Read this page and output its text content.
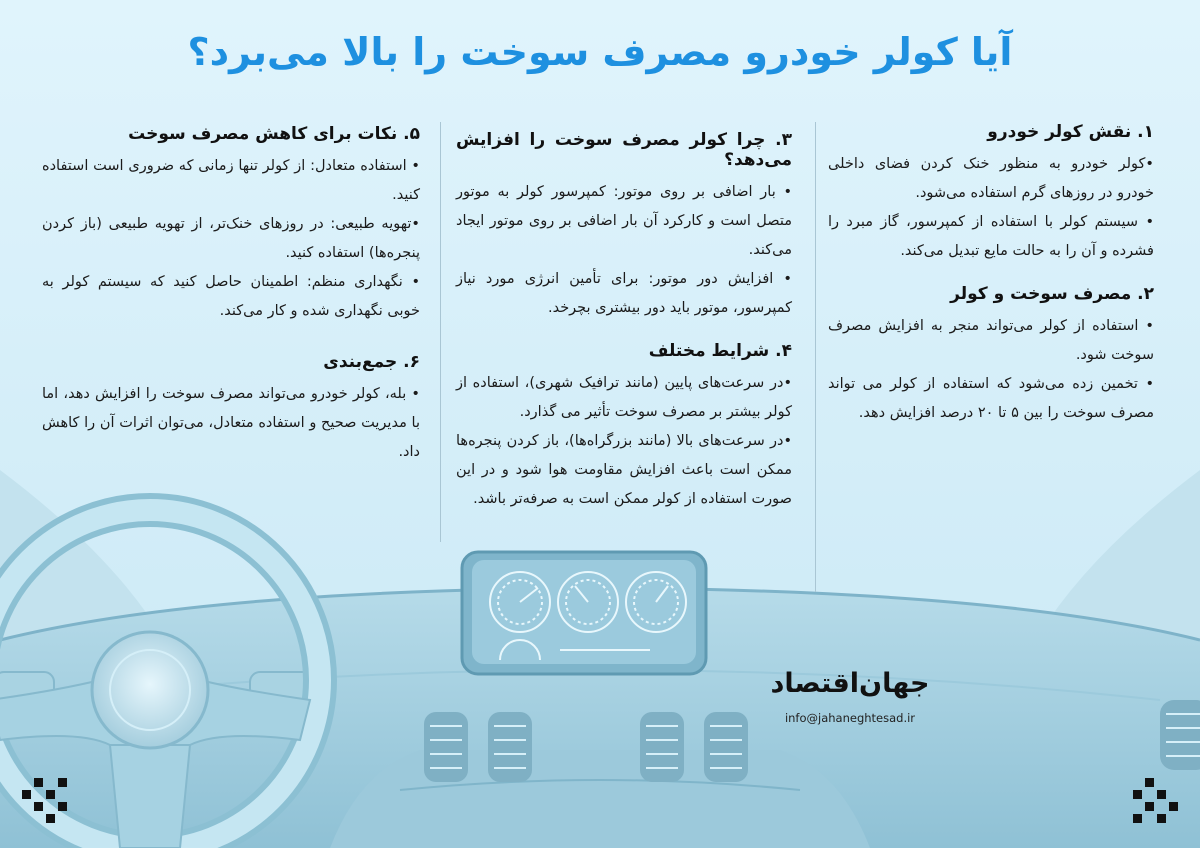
آیا کولر خودرو مصرف سوخت را بالا می‌برد؟
۱. نقش کولر خودرو

•کولر خودرو به منظور خنک کردن فضای داخلی خودرو در روزهای گرم استفاده می‌شود.

• سیستم کولر با استفاده از کمپرسور، گاز مبرد را فشرده و آن را به حالت مایع تبدیل می‌کند.

۲. مصرف سوخت و کولر

• استفاده از کولر می‌تواند منجر به افزایش مصرف سوخت شود.

• تخمین زده می‌شود که استفاده از کولر می تواند مصرف سوخت را بین ۵ تا ۲۰ درصد افزایش دهد.

۳. چرا کولر مصرف سوخت را افزایش می‌دهد؟

• بار اضافی بر روی موتور: کمپرسور کولر به موتور متصل است و کارکرد آن بار اضافی بر روی موتور ایجاد می‌کند.

• افزایش دور موتور: برای تأمین انرژی مورد نیاز کمپرسور، موتور باید دور بیشتری بچرخد.

۴. شرایط مختلف

•در سرعت‌های پایین (مانند ترافیک شهری)، استفاده از کولر بیشتر بر مصرف سوخت تأثیر می گذارد.

•در سرعت‌های بالا (مانند بزرگراه‌ها)، باز کردن پنجره‌ها ممکن است باعث افزایش مقاومت هوا شود و در این صورت استفاده از کولر ممکن است به صرفه‌تر باشد.

۵. نکات برای کاهش مصرف سوخت

• استفاده متعادل: از کولر تنها زمانی که ضروری است استفاده کنید.

•تهویه طبیعی: در روزهای خنک‌تر، از تهویه طبیعی (باز کردن پنجره‌ها) استفاده کنید.

• نگهداری منظم: اطمینان حاصل کنید که سیستم کولر به خوبی نگهداری شده و کار می‌کند.

۶. جمع‌بندی

• بله، کولر خودرو می‌تواند مصرف سوخت را افزایش دهد، اما با مدیریت صحیح و استفاده متعادل، می‌توان اثرات آن را کاهش داد.

جهان‌اقتصاد
info@jahaneghtesad.ir
